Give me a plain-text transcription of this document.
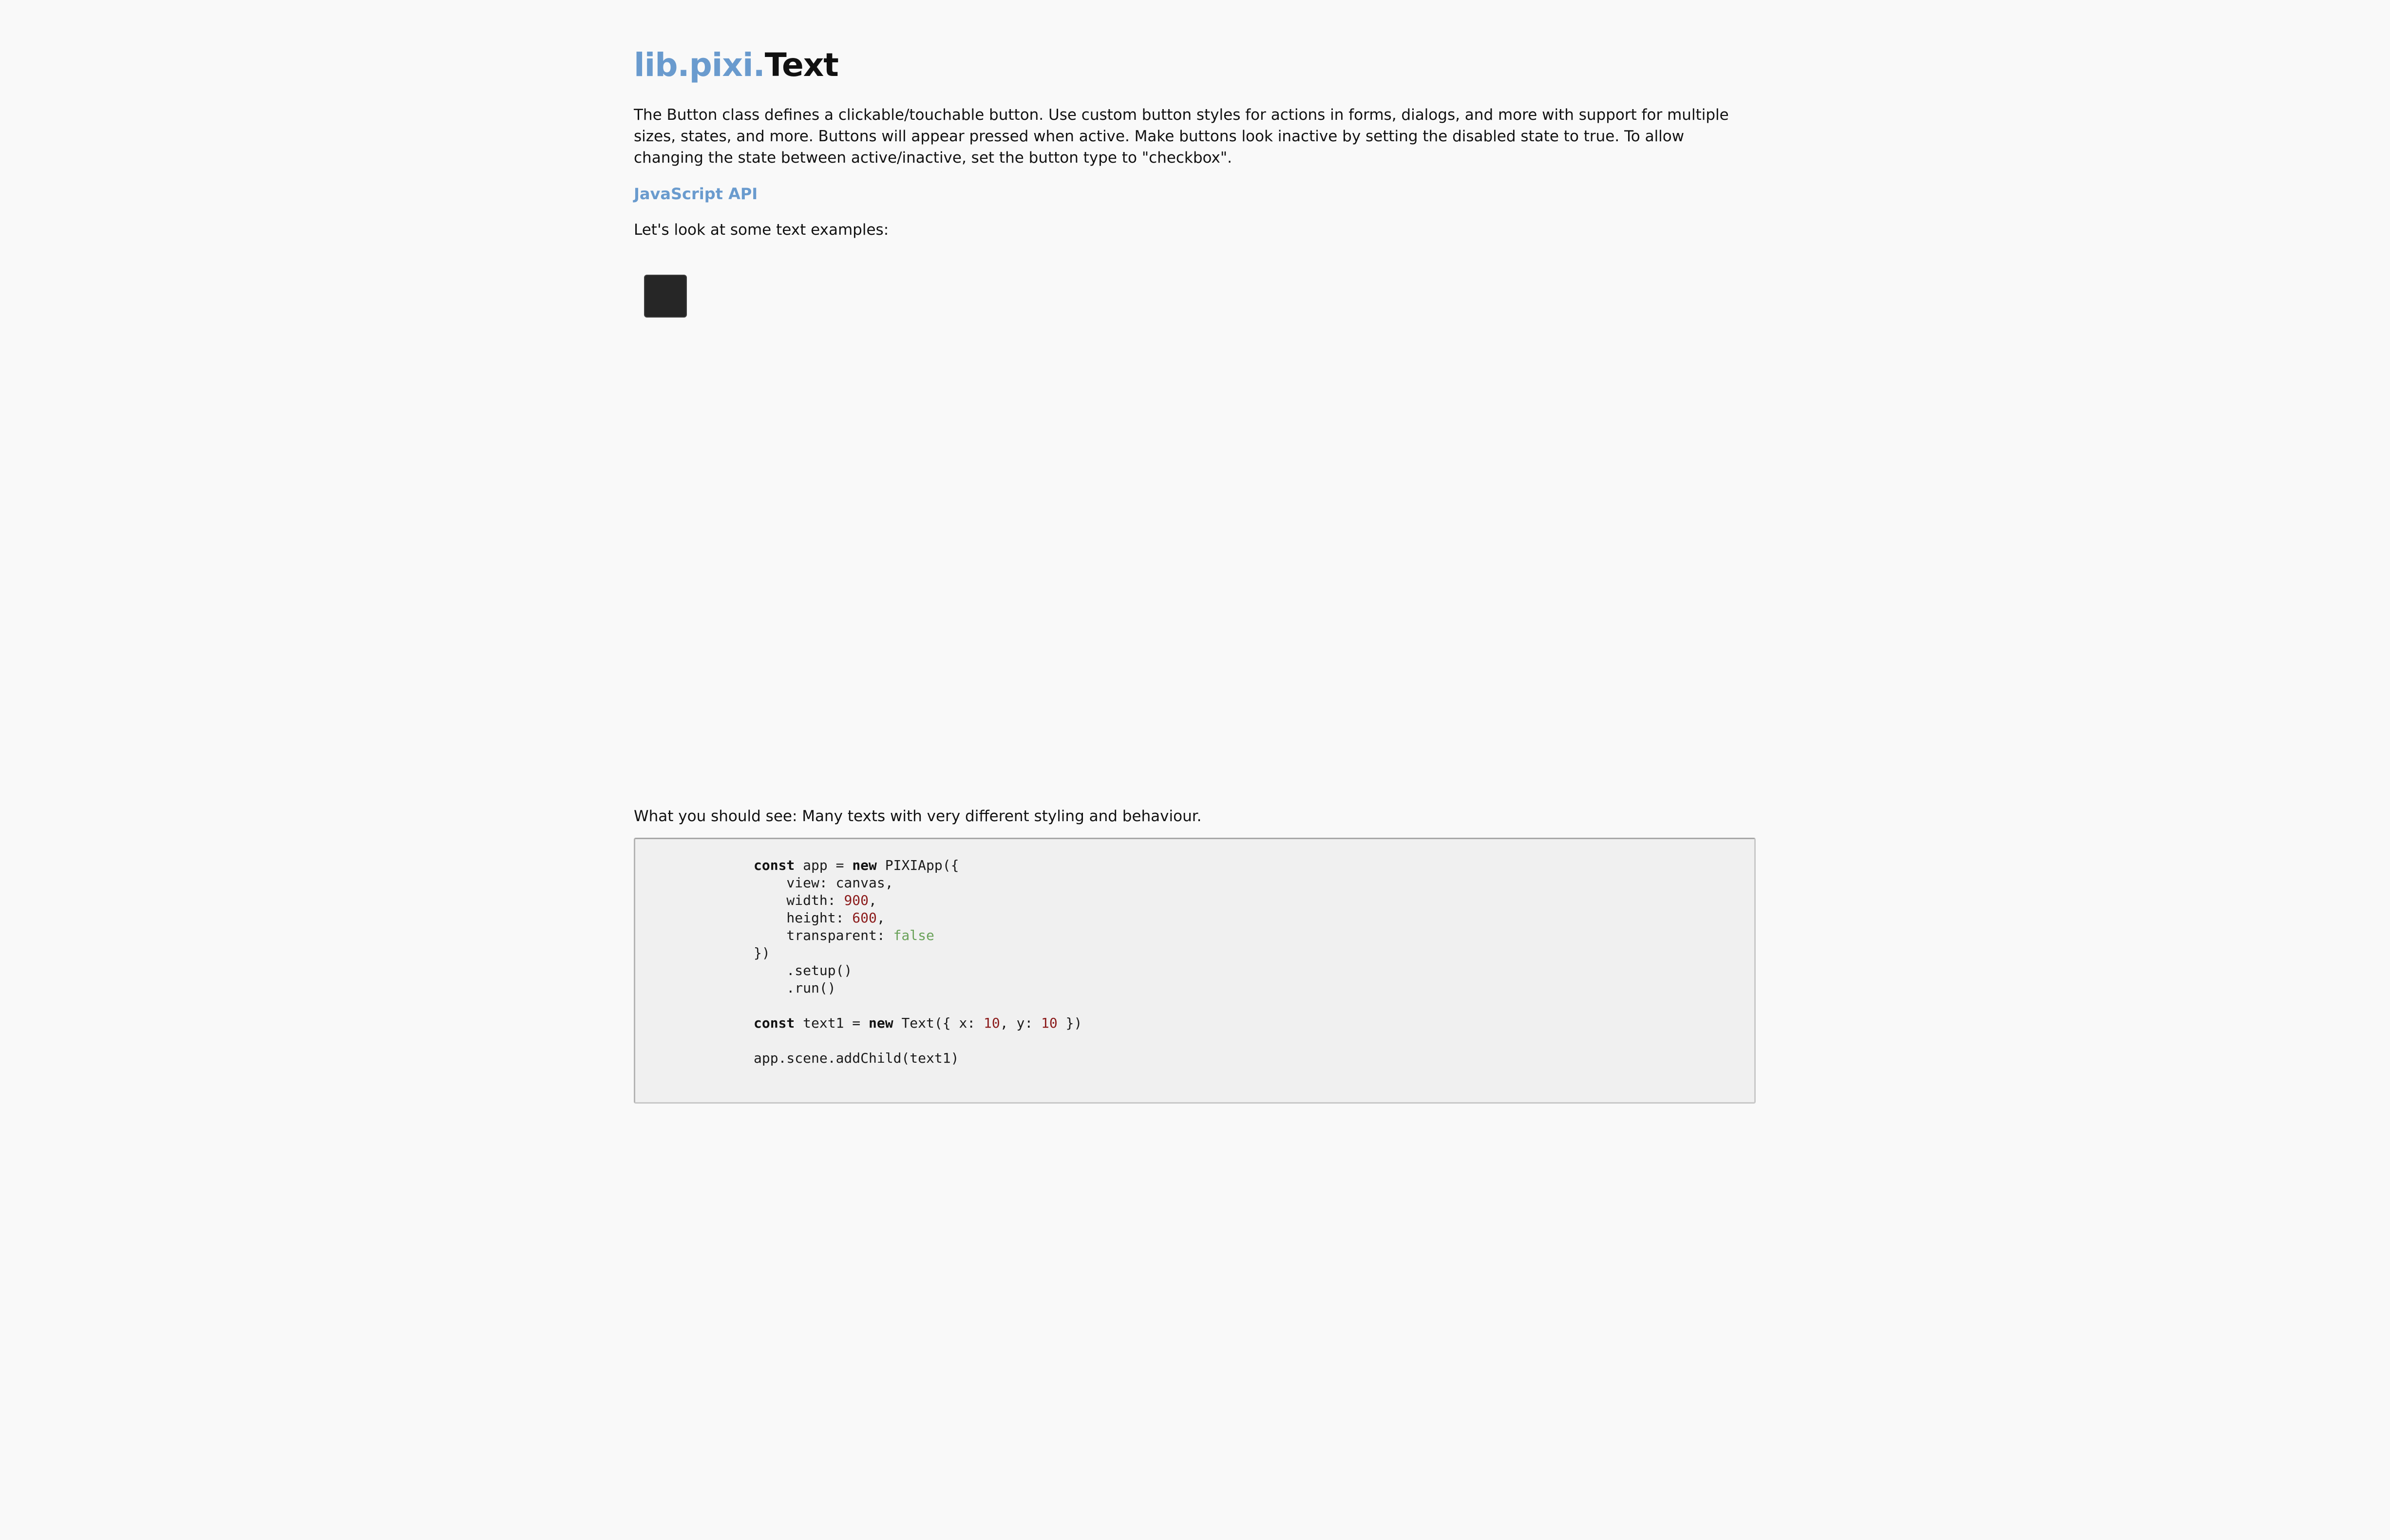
lib.pixi.Text

The Button class defines a clickable/touchable button. Use custom button styles for actions in forms, dialogs, and more with support for multiple sizes, states, and more. Buttons will appear pressed when active. Make buttons look inactive by setting the disabled state to true. To allow changing the state between active/inactive, set the button type to "checkbox".

JavaScript API

Let's look at some text examples:

What you should see: Many texts with very different styling and behaviour.

const app = new PIXIApp({
view: canvas,
width: 900,
height: 600,
transparent: false
})
.setup()
.run()

const text1 = new Text({ x: 10, y: 10 })

app.scene.addChild(text1)
